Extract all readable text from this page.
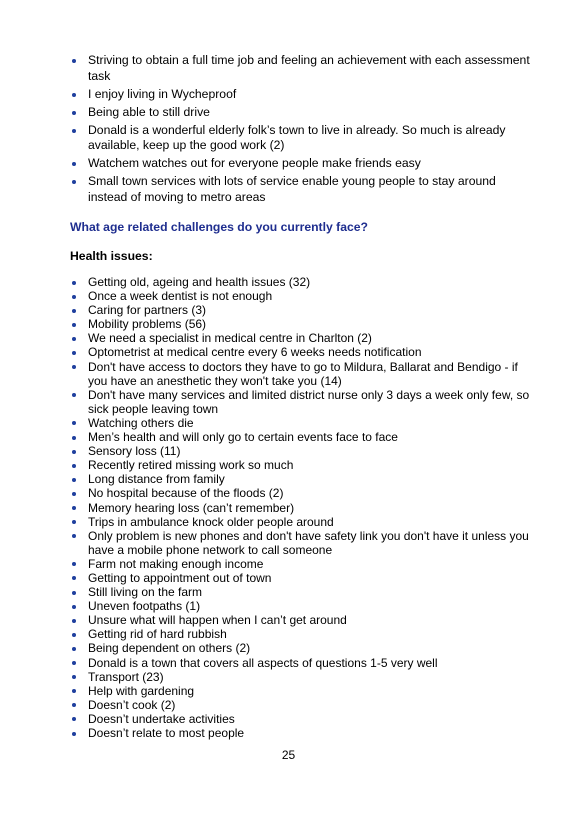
Striving to obtain a full time job and feeling an achievement with each assessment task
I enjoy living in Wycheproof
Being able to still drive
Donald is a wonderful elderly folk’s town to live in already. So much is already available, keep up the good work (2)
Watchem watches out for everyone people make friends easy
Small town services with lots of service enable young people to stay around instead of moving to metro areas
What age related challenges do you currently face?
Health issues:
Getting old, ageing and health issues (32)
Once a week dentist is not enough
Caring for partners (3)
Mobility problems (56)
We need a specialist in medical centre in Charlton (2)
Optometrist at medical centre every 6 weeks needs notification
Don't have access to doctors they have to go to Mildura, Ballarat and Bendigo - if you have an anesthetic they won't take you (14)
Don't have many services and limited district nurse only 3 days a week only few, so sick people leaving town
Watching others die
Men’s health and will only go to certain events face to face
Sensory loss (11)
Recently retired missing work so much
Long distance from family
No hospital because of the floods (2)
Memory hearing loss (can’t remember)
Trips in ambulance knock older people around
Only problem is new phones and don't have safety link you don't have it unless you have a mobile phone network to call someone
Farm not making enough income
Getting to appointment out of town
Still living on the farm
Uneven footpaths (1)
Unsure what will happen when I can’t get around
Getting rid of hard rubbish
Being dependent on others (2)
Donald is a town that covers all aspects of questions 1-5 very well
Transport (23)
Help with gardening
Doesn’t cook (2)
Doesn’t undertake activities
Doesn’t relate to most people
25
